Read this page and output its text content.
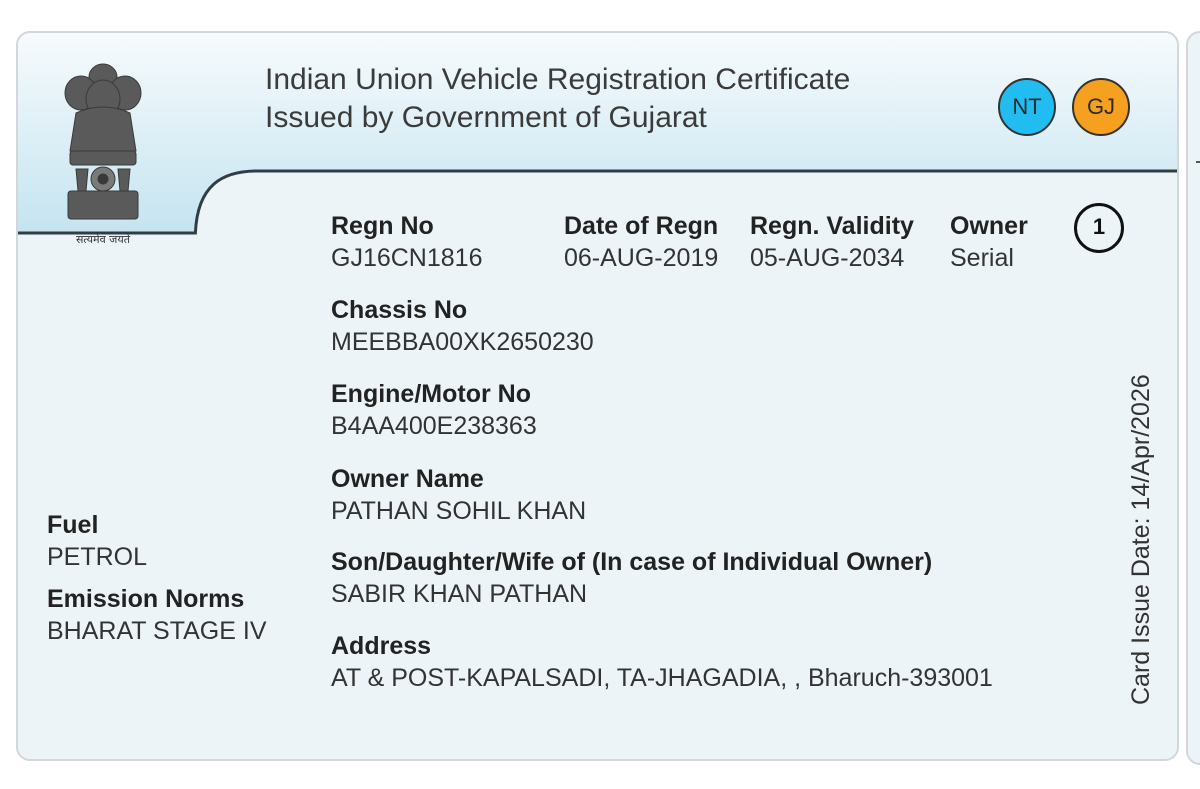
सत्यमेव जयते
Indian Union Vehicle Registration Certificate
Issued by Government of Gujarat	NT	GJ
1
Regn No
GJ16CN1816
Date of Regn
06-AUG-2019
Regn. Validity
05-AUG-2034
Owner
Serial
Chassis No
MEEBBA00XK2650230
Engine/Motor No
B4AA400E238363
Owner Name
PATHAN SOHIL KHAN
Son/Daughter/Wife of (In case of Individual Owner)
SABIR KHAN PATHAN
Address
AT & POST-KAPALSADI, TA-JHAGADIA, , Bharuch-393001
Fuel
PETROL
Emission Norms
BHARAT STAGE IV	Card Issue Date: 14/Apr/2026
